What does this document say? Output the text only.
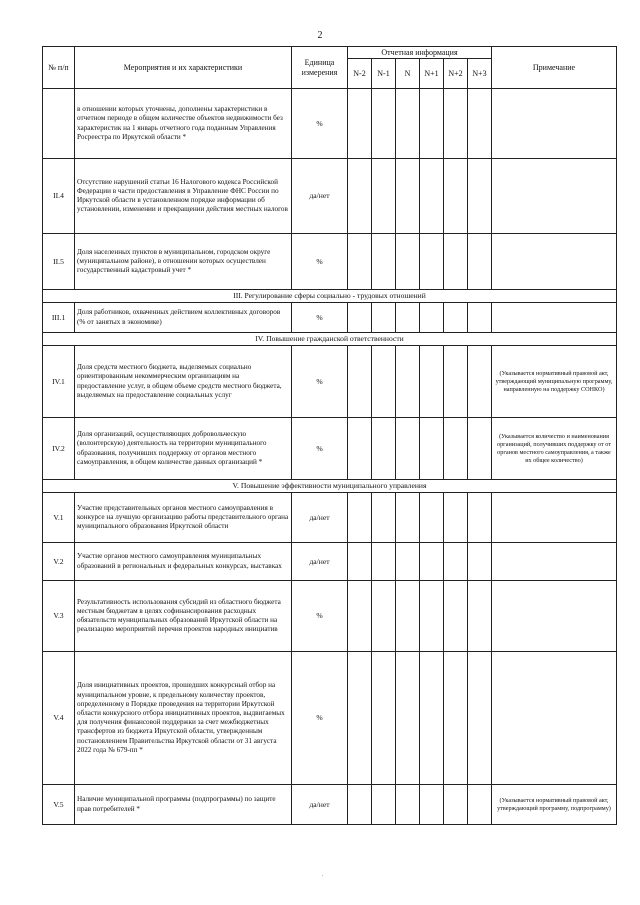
2
№ п/п	Мероприятия и их характеристики	Единица измерения	Отчетная информация						Примечание
			N-2	N-1	N	N+1	N+2	N+3	
	в отношении которых уточнены, дополнены характеристики в отчетном периоде в общем количестве объектов недвижимости без характеристик на 1 январь отчетного года поданным Управления Росреестра по Иркутской области *	%							
II.4	Отсутствие нарушений статьи 16 Налогового кодекса Российской Федерации в части предоставления в Управление ФНС России по Иркутской области в установленном порядке информации об установлении, изменении и прекращении действия местных налогов	да/нет							
II.5	Доля населенных пунктов в муниципальном, городском округе (муниципальном районе), в отношении которых осуществлен государственный кадастровый учет *	%							
III. Регулирование сферы социально - трудовых отношений									
III.1	Доля работников, охваченных действием коллективных договоров (% от занятых в экономике)	%							
IV. Повышение гражданской ответственности									
IV.1	Доля средств местного бюджета, выделяемых социально ориентированным некоммерческим организациям на предоставление услуг, в общем объеме средств местного бюджета, выделяемых на предоставление социальных услуг	%							(Указывается нормативный правовой акт, утверждающий муниципальную программу, направленную на поддержку СОНКО)
IV.2	Доля организаций, осуществляющих добровольческую (волонтерскую) деятельность на территории муниципального образования, получивших поддержку от органов местного самоуправления, в общем количестве данных организаций *	%							(Указывается количество и наименования организаций, получивших поддержку от от органов местного самоуправления, а также их общее количество)
V. Повышение эффективности муниципального управления									
V.1	Участие представительных органов местного самоуправления в конкурсе на лучшую организацию работы представительного органа муниципального образования Иркутской области	да/нет							
V.2	Участие органов местного самоуправления муниципальных образований в региональных и федеральных конкурсах, выставках	да/нет							
V.3	Результативность использования субсидий из областного бюджета местным бюджетам в целях софинансирования расходных обязательств муниципальных образований Иркутской области на реализацию мероприятий перечня проектов народных инициатив	%							
V.4	Доля инициативных проектов, прошедших конкурсный отбор на муниципальном уровне, к предельному количеству проектов, определенному в Порядке проведения на территории Иркутской области конкурсного отбора инициативных проектов, выдвигаемых для получения финансовой поддержки за счет межбюджетных трансфертов из бюджета Иркутской области, утвержденным постановлением Правительства Иркутской области от 31 августа 2022 года № 679-пп *	%							
V.5	Наличие муниципальной программы (подпрограммы) по защите прав потребителей *	да/нет							(Указывается нормативный правовой акт, утверждающий программу, подпрограмму)
.
